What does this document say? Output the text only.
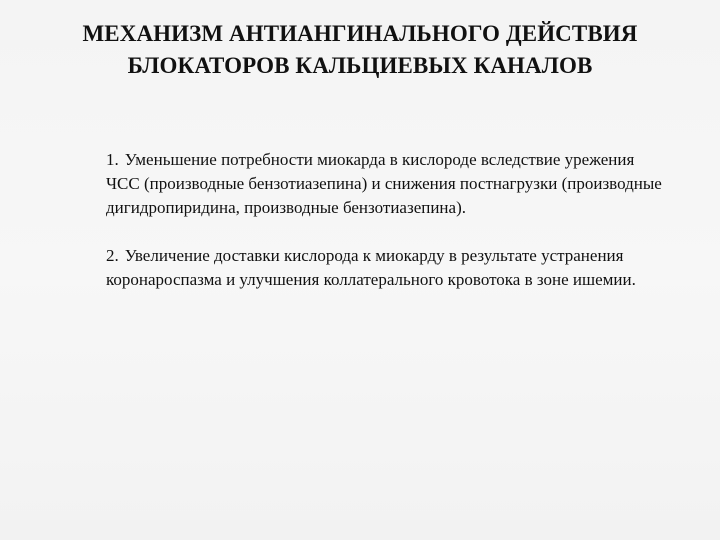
МЕХАНИЗМ АНТИАНГИНАЛЬНОГО ДЕЙСТВИЯ
БЛОКАТОРОВ КАЛЬЦИЕВЫХ КАНАЛОВ
1. Уменьшение потребности миокарда в кислороде вследствие урежения ЧСС (производные бензотиазепина) и снижения постнагрузки (производные дигидропиридина, производные бензотиазепина).
2. Увеличение доставки кислорода к миокарду в результате устранения коронароспазма и улучшения коллатерального кровотока в зоне ишемии.
